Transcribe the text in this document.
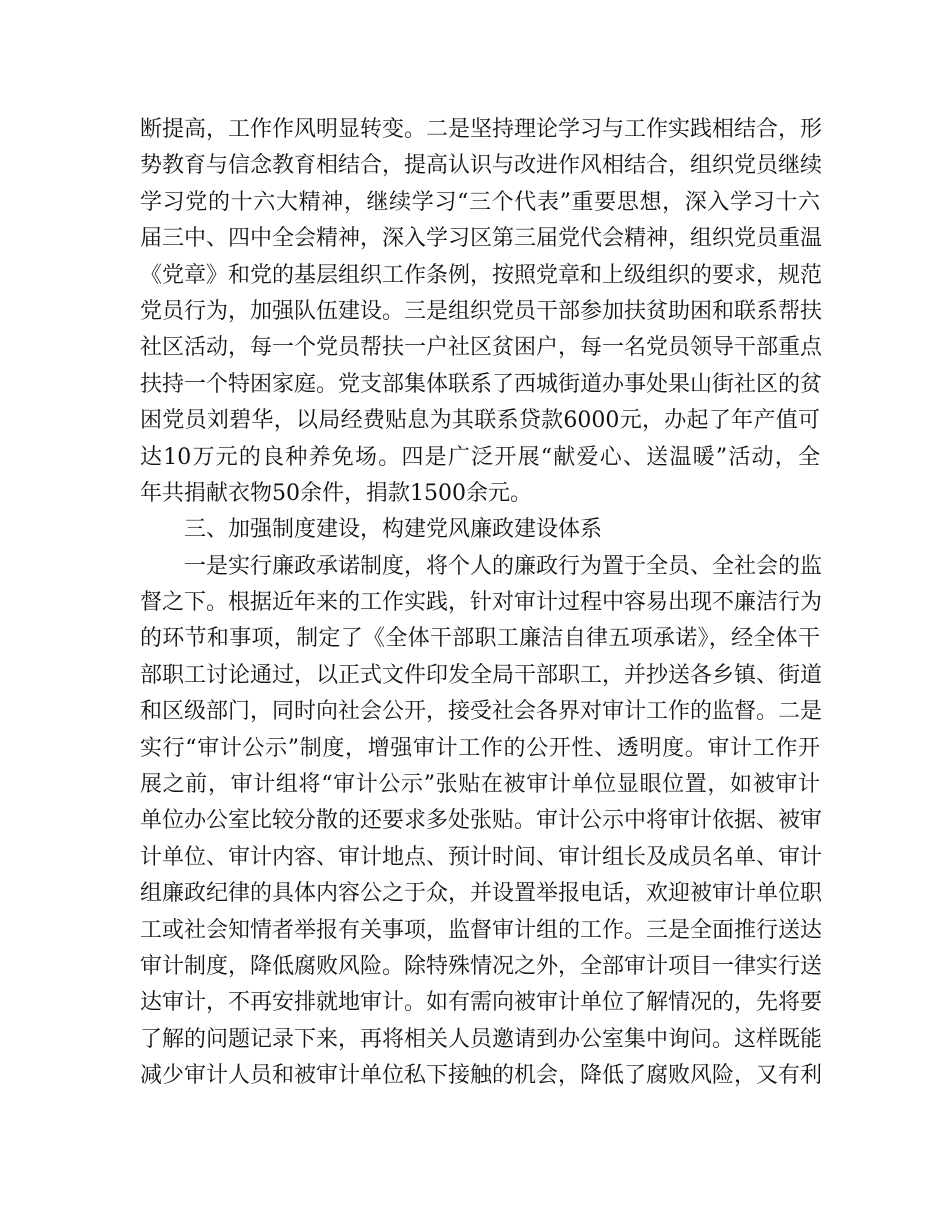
断提高，工作作风明显转变。二是坚持理论学习与工作实践相结合，形
势教育与信念教育相结合，提高认识与改进作风相结合，组织党员继续
学习党的十六大精神，继续学习“三个代表”重要思想，深入学习十六
届三中、四中全会精神，深入学习区第三届党代会精神，组织党员重温
《党章》和党的基层组织工作条例，按照党章和上级组织的要求，规范
党员行为，加强队伍建设。三是组织党员干部参加扶贫助困和联系帮扶
社区活动，每一个党员帮扶一户社区贫困户，每一名党员领导干部重点
扶持一个特困家庭。党支部集体联系了西城街道办事处果山街社区的贫
困党员刘碧华，以局经费贴息为其联系贷款6000元，办起了年产值可
达10万元的良种养免场。四是广泛开展“献爱心、送温暖”活动，全
年共捐献衣物50余件，捐款1500余元。
三、加强制度建设，构建党风廉政建设体系
一是实行廉政承诺制度，将个人的廉政行为置于全员、全社会的监
督之下。根据近年来的工作实践，针对审计过程中容易出现不廉洁行为
的环节和事项，制定了《全体干部职工廉洁自律五项承诺》，经全体干
部职工讨论通过，以正式文件印发全局干部职工，并抄送各乡镇、街道
和区级部门，同时向社会公开，接受社会各界对审计工作的监督。二是
实行“审计公示”制度，增强审计工作的公开性、透明度。审计工作开
展之前，审计组将“审计公示”张贴在被审计单位显眼位置，如被审计
单位办公室比较分散的还要求多处张贴。审计公示中将审计依据、被审
计单位、审计内容、审计地点、预计时间、审计组长及成员名单、审计
组廉政纪律的具体内容公之于众，并设置举报电话，欢迎被审计单位职
工或社会知情者举报有关事项，监督审计组的工作。三是全面推行送达
审计制度，降低腐败风险。除特殊情况之外，全部审计项目一律实行送
达审计，不再安排就地审计。如有需向被审计单位了解情况的，先将要
了解的问题记录下来，再将相关人员邀请到办公室集中询问。这样既能
减少审计人员和被审计单位私下接触的机会，降低了腐败风险，又有利
